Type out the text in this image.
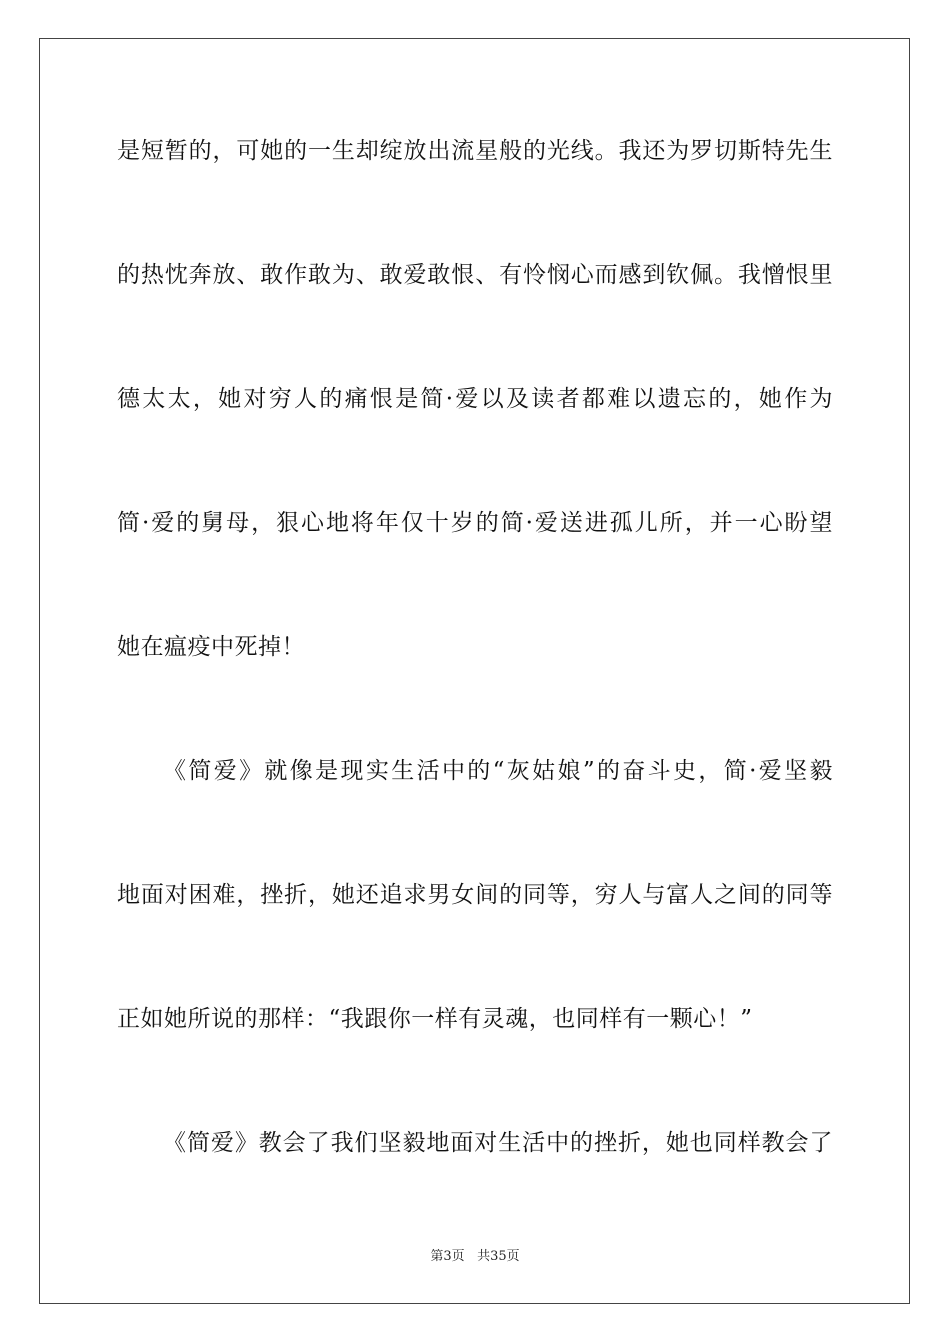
是短暂的，可她的一生却绽放出流星般的光线。我还为罗切斯特先生
的热忱奔放、敢作敢为、敢爱敢恨、有怜悯心而感到钦佩。我憎恨里
德太太，她对穷人的痛恨是简·爱以及读者都难以遗忘的，她作为
简·爱的舅母，狠心地将年仅十岁的简·爱送进孤儿所，并一心盼望
她在瘟疫中死掉！
《简爱》就像是现实生活中的“灰姑娘”的奋斗史，简·爱坚毅
地面对困难，挫折，她还追求男女间的同等，穷人与富人之间的同等
正如她所说的那样：“我跟你一样有灵魂，也同样有一颗心！”
《简爱》教会了我们坚毅地面对生活中的挫折，她也同样教会了
第3页 共35页
